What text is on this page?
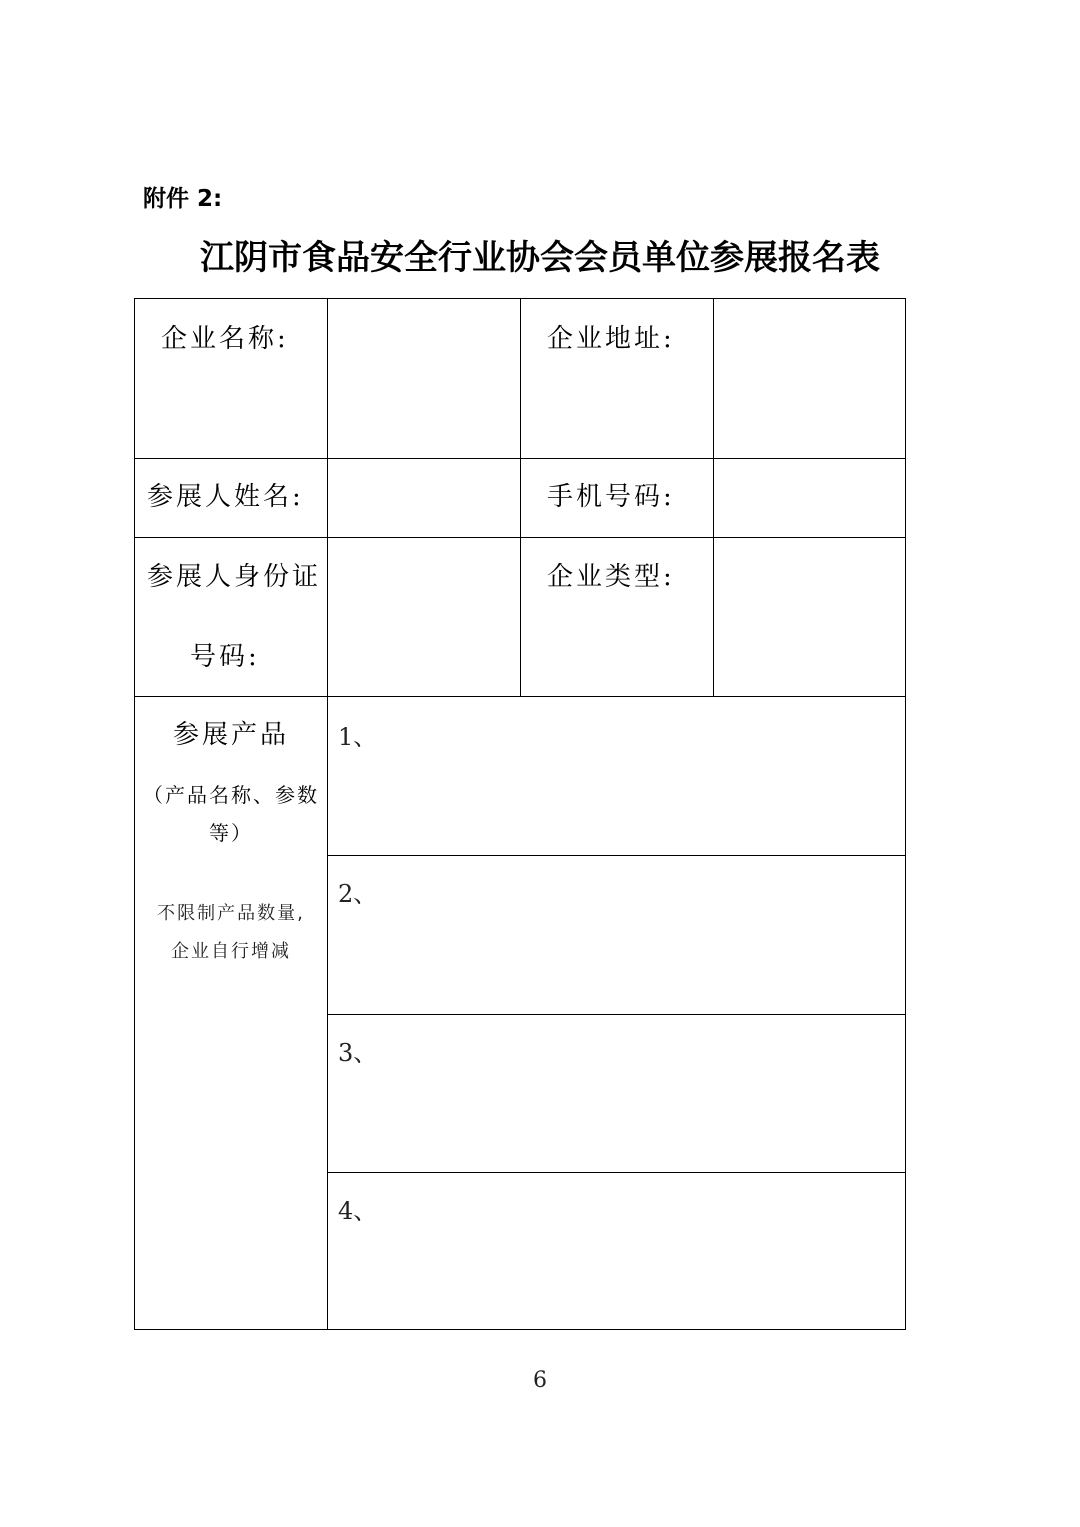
附件 2:
江阴市食品安全行业协会会员单位参展报名表
企业名称:	企业地址:
参展人姓名:	手机号码:
参展人身份证
号码:
企业类型:
参展产品
（产品名称、参数
等）
不限制产品数量,
企业自行增减
1、
2、
3、
4、
6
